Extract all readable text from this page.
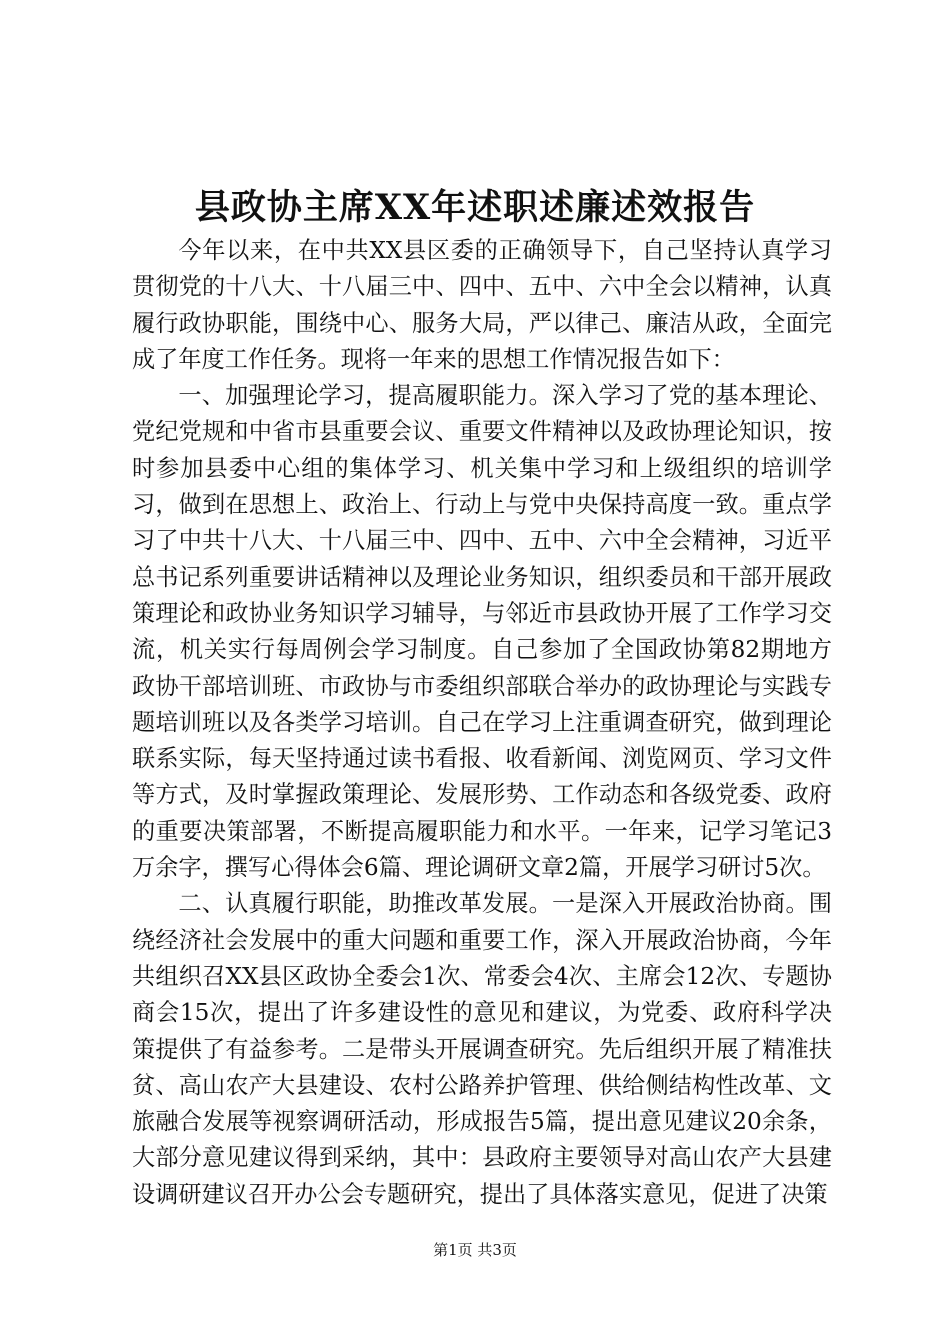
县政协主席XX年述职述廉述效报告

今年以来，在中共XX县区委的正确领导下，自己坚持认真学习贯彻党的十八大、十八届三中、四中、五中、六中全会以精神，认真履行政协职能，围绕中心、服务大局，严以律己、廉洁从政，全面完成了年度工作任务。现将一年来的思想工作情况报告如下：

一、加强理论学习，提高履职能力。深入学习了党的基本理论、党纪党规和中省市县重要会议、重要文件精神以及政协理论知识，按时参加县委中心组的集体学习、机关集中学习和上级组织的培训学习，做到在思想上、政治上、行动上与党中央保持高度一致。重点学习了中共十八大、十八届三中、四中、五中、六中全会精神，习近平总书记系列重要讲话精神以及理论业务知识，组织委员和干部开展政策理论和政协业务知识学习辅导，与邻近市县政协开展了工作学习交流，机关实行每周例会学习制度。自己参加了全国政协第82期地方政协干部培训班、市政协与市委组织部联合举办的政协理论与实践专题培训班以及各类学习培训。自己在学习上注重调查研究，做到理论联系实际，每天坚持通过读书看报、收看新闻、浏览网页、学习文件等方式，及时掌握政策理论、发展形势、工作动态和各级党委、政府的重要决策部署，不断提高履职能力和水平。一年来，记学习笔记3万余字，撰写心得体会6篇、理论调研文章2篇，开展学习研讨5次。

二、认真履行职能，助推改革发展。一是深入开展政治协商。围绕经济社会发展中的重大问题和重要工作，深入开展政治协商，今年共组织召XX县区政协全委会1次、常委会4次、主席会12次、专题协商会15次，提出了许多建设性的意见和建议，为党委、政府科学决策提供了有益参考。二是带头开展调查研究。先后组织开展了精准扶贫、高山农产大县建设、农村公路养护管理、供给侧结构性改革、文旅融合发展等视察调研活动，形成报告5篇，提出意见建议20余条，大部分意见建议得到采纳，其中：县政府主要领导对高山农产大县建设调研建议召开办公会专题研究，提出了具体落实意见，促进了决策

第1页 共3页
